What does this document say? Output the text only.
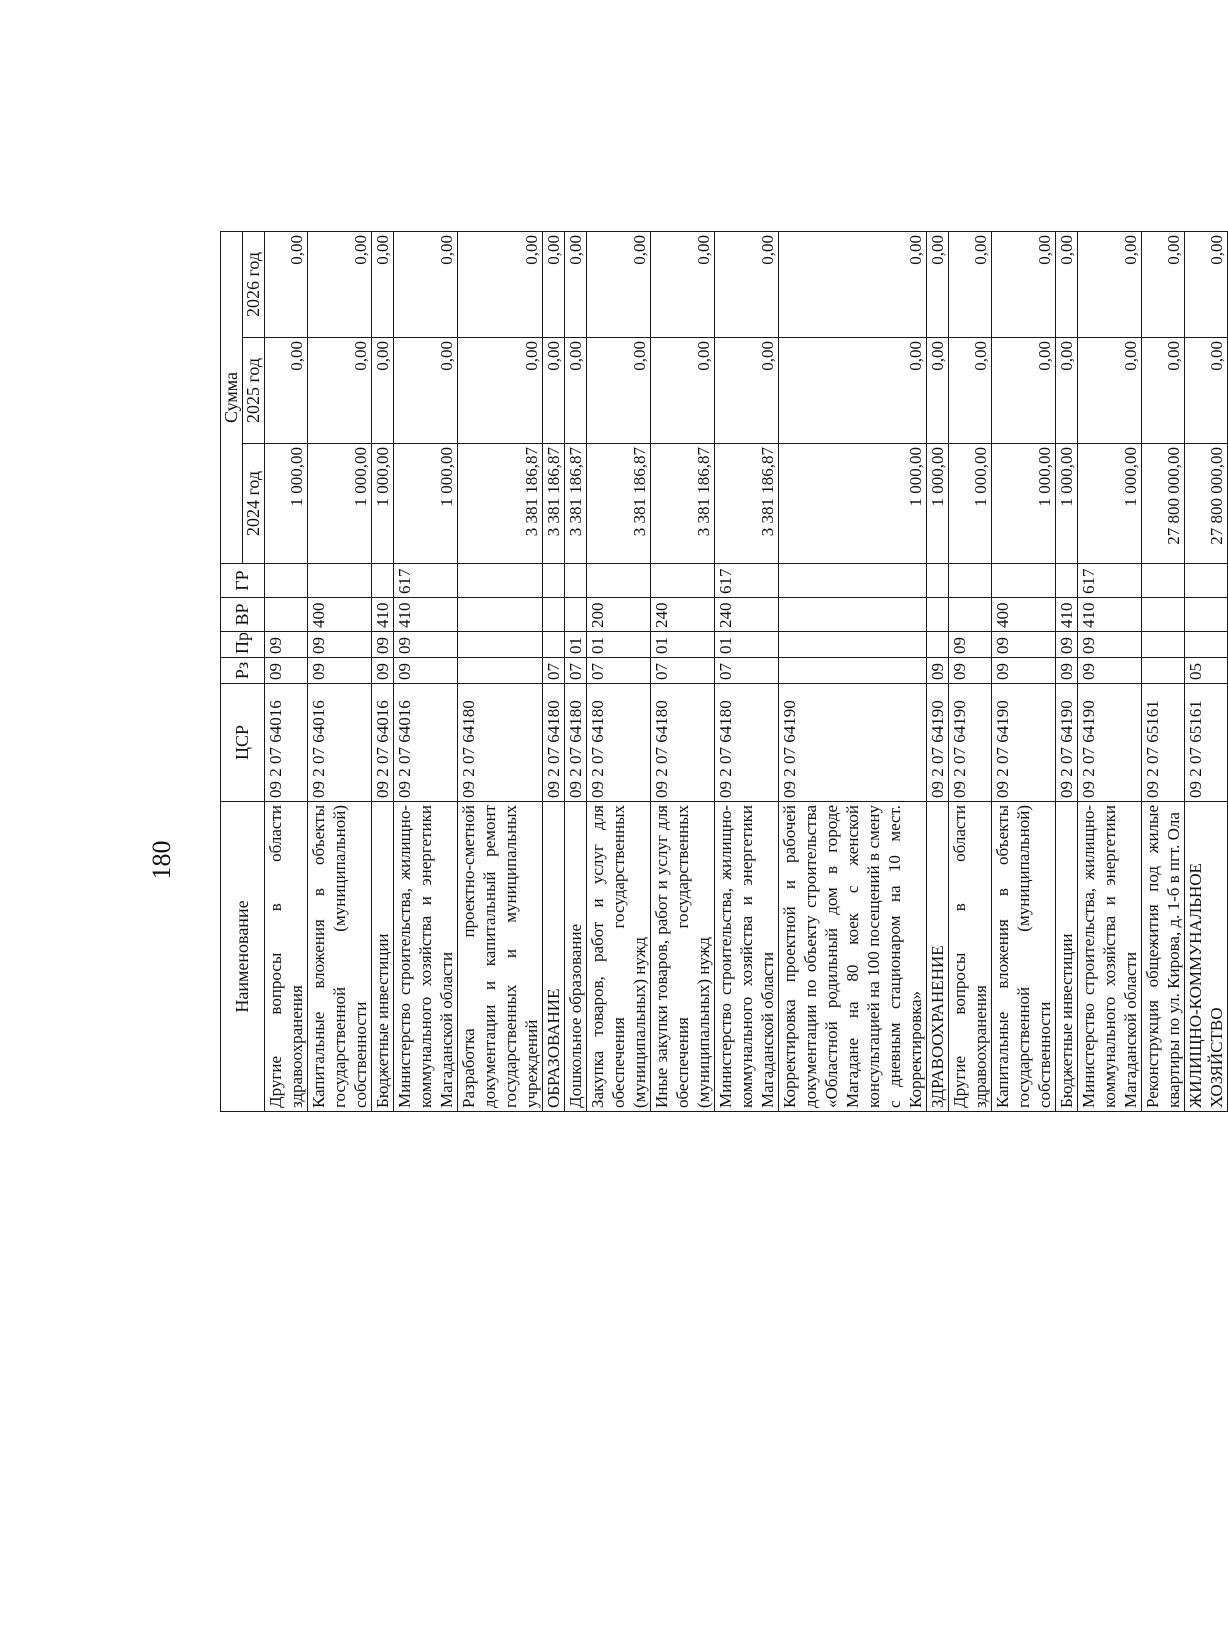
180
Наименование	ЦСР	Рз	Пр	ВР	ГР	Сумма		
						2024 год	2025 год	2026 год
Другие вопросы в области здравоохранения	09 2 07 64016	09	09			1 000,00	0,00	0,00
Капитальные вложения в объекты государственной (муниципальной) собственности	09 2 07 64016	09	09	400		1 000,00	0,00	0,00
Бюджетные инвестиции	09 2 07 64016	09	09	410		1 000,00	0,00	0,00
Министерство строительства, жилищно-коммунального хозяйства и энергетики Магаданской области	09 2 07 64016	09	09	410	617	1 000,00	0,00	0,00
Разработка проектно-сметной документации и капитальный ремонт государственных и муниципальных учреждений	09 2 07 64180					3 381 186,87	0,00	0,00
ОБРАЗОВАНИЕ	09 2 07 64180	07				3 381 186,87	0,00	0,00
Дошкольное образование	09 2 07 64180	07	01			3 381 186,87	0,00	0,00
Закупка товаров, работ и услуг для обеспечения государственных (муниципальных) нужд	09 2 07 64180	07	01	200		3 381 186,87	0,00	0,00
Иные закупки товаров, работ и услуг для обеспечения государственных (муниципальных) нужд	09 2 07 64180	07	01	240		3 381 186,87	0,00	0,00
Министерство строительства, жилищно-коммунального хозяйства и энергетики Магаданской области	09 2 07 64180	07	01	240	617	3 381 186,87	0,00	0,00
Корректировка проектной и рабочей документации по объекту строительства «Областной родильный дом в городе Магадане на 80 коек с женской консультацией на 100 посещений в смену с дневным стационаром на 10 мест. Корректировка»	09 2 07 64190					1 000,00	0,00	0,00
ЗДРАВООХРАНЕНИЕ	09 2 07 64190	09				1 000,00	0,00	0,00
Другие вопросы в области здравоохранения	09 2 07 64190	09	09			1 000,00	0,00	0,00
Капитальные вложения в объекты государственной (муниципальной) собственности	09 2 07 64190	09	09	400		1 000,00	0,00	0,00
Бюджетные инвестиции	09 2 07 64190	09	09	410		1 000,00	0,00	0,00
Министерство строительства, жилищно-коммунального хозяйства и энергетики Магаданской области	09 2 07 64190	09	09	410	617	1 000,00	0,00	0,00
Реконструкция общежития под жилые квартиры по ул. Кирова, д. 1-б в пгт. Ола	09 2 07 65161					27 800 000,00	0,00	0,00
ЖИЛИЩНО-КОММУНАЛЬНОЕ ХОЗЯЙСТВО	09 2 07 65161	05				27 800 000,00	0,00	0,00
